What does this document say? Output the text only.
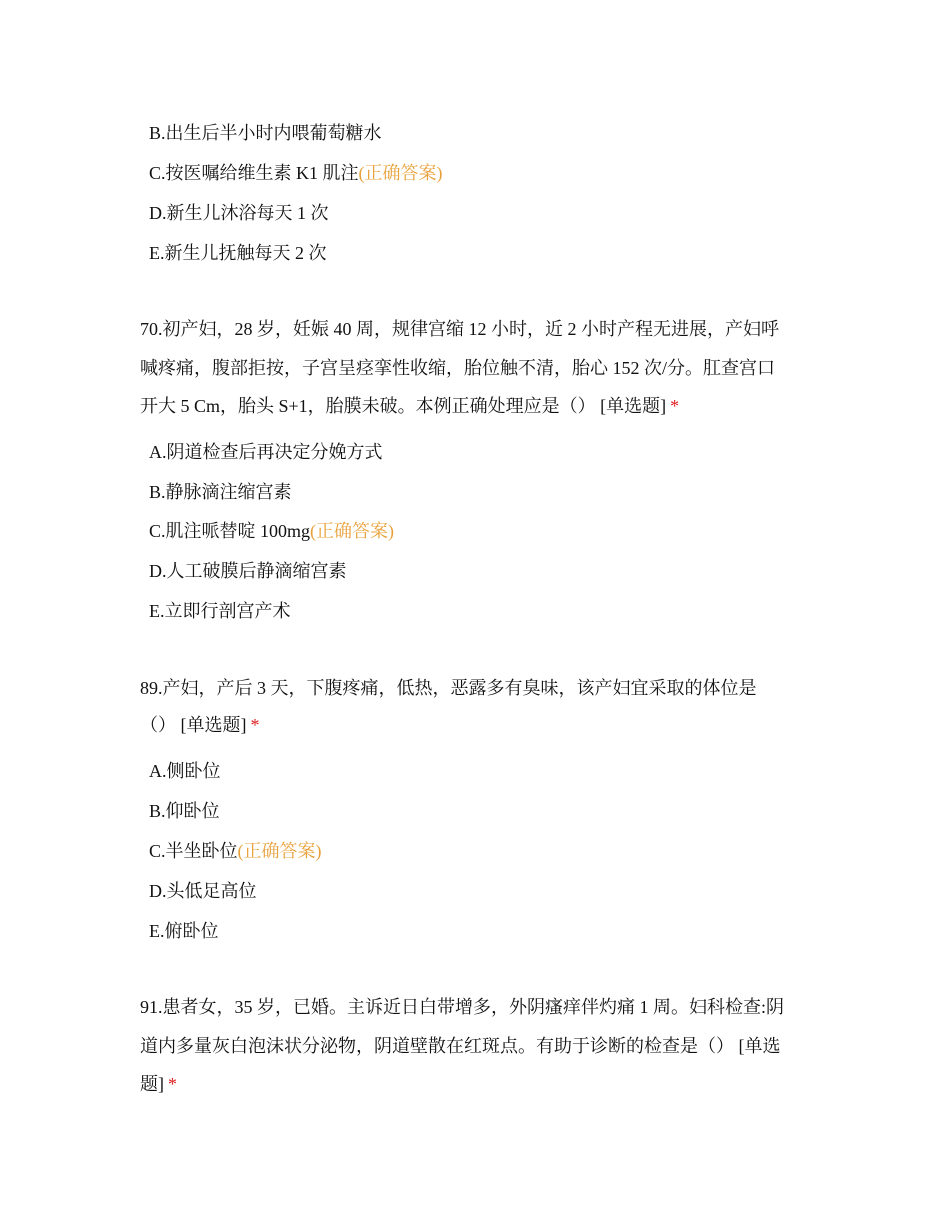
B.出生后半小时内喂葡萄糖水
C.按医嘱给维生素 K1 肌注(正确答案)
D.新生儿沐浴每天 1 次
E.新生儿抚触每天 2 次
70.初产妇，28 岁，妊娠 40 周，规律宫缩 12 小时，近 2 小时产程无进展，产妇呼
喊疼痛，腹部拒按，子宫呈痉挛性收缩，胎位触不清，胎心 152 次/分。肛查宫口
开大 5 Cm，胎头 S+1，胎膜未破。本例正确处理应是（） [单选题] *
A.阴道检查后再决定分娩方式
B.静脉滴注缩宫素
C.肌注哌替啶 100mg(正确答案)
D.人工破膜后静滴缩宫素
E.立即行剖宫产术
89.产妇，产后 3 天，下腹疼痛，低热，恶露多有臭味，该产妇宜采取的体位是
（） [单选题] *
A.侧卧位
B.仰卧位
C.半坐卧位(正确答案)
D.头低足高位
E.俯卧位
91.患者女，35 岁，已婚。主诉近日白带增多，外阴瘙痒伴灼痛 1 周。妇科检查:阴
道内多量灰白泡沫状分泌物，阴道壁散在红斑点。有助于诊断的检查是（） [单选
题] *
